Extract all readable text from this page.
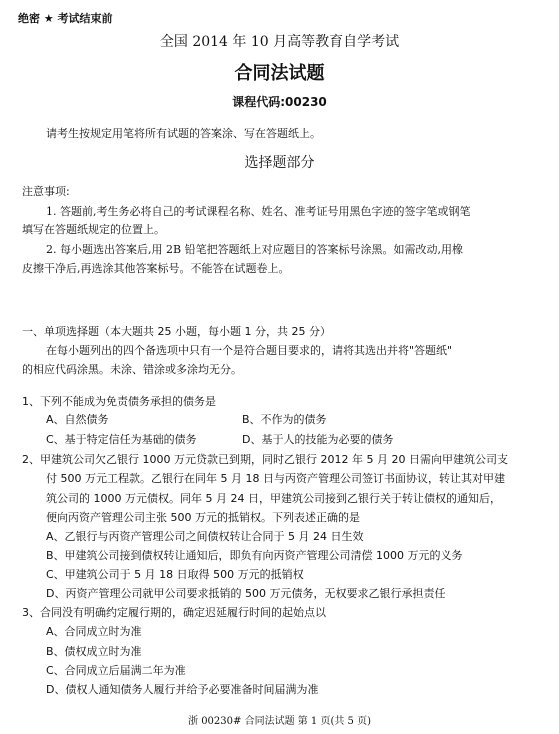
绝密 ★ 考试结束前
全国 2014 年 10 月高等教育自学考试
合同法试题
课程代码:00230
请考生按规定用笔将所有试题的答案涂、写在答题纸上。
选择题部分
注意事项:
1. 答题前,考生务必将自己的考试课程名称、姓名、准考证号用黑色字迹的签字笔或钢笔
填写在答题纸规定的位置上。
2. 每小题选出答案后,用 2B 铅笔把答题纸上对应题目的答案标号涂黑。如需改动,用橡
皮擦干净后,再选涂其他答案标号。不能答在试题卷上。
一、单项选择题（本大题共 25 小题，每小题 1 分，共 25 分）
在每小题列出的四个备选项中只有一个是符合题目要求的，请将其选出并将"答题纸"
的相应代码涂黑。未涂、错涂或多涂均无分。
1、下列不能成为免责债务承担的债务是
A、自然债务	B、不作为的债务
C、基于特定信任为基础的债务	D、基于人的技能为必要的债务
2、甲建筑公司欠乙银行 1000 万元贷款已到期，同时乙银行 2012 年 5 月 20 日需向甲建筑公司支
付 500 万元工程款。乙银行在同年 5 月 18 日与丙资产管理公司签订书面协议，转让其对甲建
筑公司的 1000 万元债权。同年 5 月 24 日，甲建筑公司接到乙银行关于转让债权的通知后，
便向丙资产管理公司主张 500 万元的抵销权。下列表述正确的是
A、乙银行与丙资产管理公司之间债权转让合同于 5 月 24 日生效
B、甲建筑公司接到债权转让通知后，即负有向丙资产管理公司清偿 1000 万元的义务
C、甲建筑公司于 5 月 18 日取得 500 万元的抵销权
D、丙资产管理公司就甲公司要求抵销的 500 万元债务，无权要求乙银行承担责任
3、合同没有明确约定履行期的，确定迟延履行时间的起始点以
A、合同成立时为准
B、债权成立时为准
C、合同成立后届满二年为准
D、债权人通知债务人履行并给予必要准备时间届满为准
浙 00230# 合同法试题 第 1 页(共 5 页)
